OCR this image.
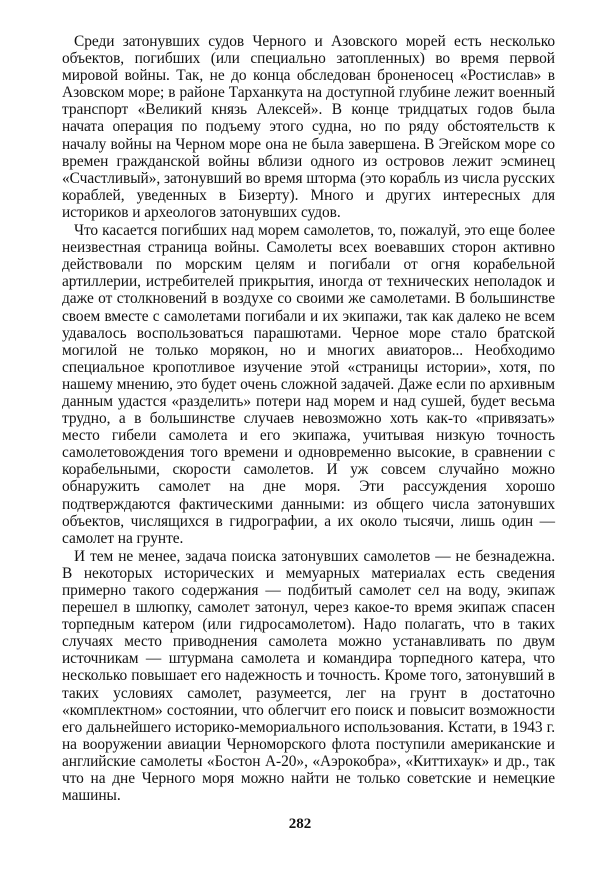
Среди затонувших судов Черного и Азовского морей есть несколько объектов, погибших (или специально затопленных) во время первой мировой войны. Так, не до конца обследован броненосец «Ростислав» в Азовском море; в районе Тарханкута на доступной глубине лежит военный транспорт «Великий князь Алексей». В конце тридцатых годов была начата операция по подъему этого судна, но по ряду обстоятельств к началу войны на Черном море она не была завершена. В Эгейском море со времен гражданской войны вблизи одного из островов лежит эсминец «Счастливый», затонувший во время шторма (это корабль из числа русских кораблей, уведенных в Бизерту). Много и других интересных для историков и археологов затонувших судов.

Что касается погибших над морем самолетов, то, пожалуй, это еще более неизвестная страница войны. Самолеты всех воевавших сторон активно действовали по морским целям и погибали от огня корабельной артиллерии, истребителей прикрытия, иногда от технических неполадок и даже от столкновений в воздухе со своими же самолетами. В большинстве своем вместе с самолетами погибали и их экипажи, так как далеко не всем удавалось воспользоваться парашютами. Черное море стало братской могилой не только морякон, но и многих авиаторов... Необходимо специальное кропотливое изучение этой «страницы истории», хотя, по нашему мнению, это будет очень сложной задачей. Даже если по архивным данным удастся «разделить» потери над морем и над сушей, будет весьма трудно, а в большинстве случаев невозможно хоть как-то «привязать» место гибели самолета и его экипажа, учитывая низкую точность самолетовождения того времени и одновременно высокие, в сравнении с корабельными, скорости самолетов. И уж совсем случайно можно обнаружить самолет на дне моря. Эти рассуждения хорошо подтверждаются фактическими данными: из общего числа затонувших объектов, числящихся в гидрографии, а их около тысячи, лишь один — самолет на грунте.

И тем не менее, задача поиска затонувших самолетов — не безнадежна. В некоторых исторических и мемуарных материалах есть сведения примерно такого содержания — подбитый самолет сел на воду, экипаж перешел в шлюпку, самолет затонул, через какое-то время экипаж спасен торпедным катером (или гидросамолетом). Надо полагать, что в таких случаях место приводнения самолета можно устанавливать по двум источникам — штурмана самолета и командира торпедного катера, что несколько повышает его надежность и точность. Кроме того, затонувший в таких условиях самолет, разумеется, лег на грунт в достаточно «комплектном» состоянии, что облегчит его поиск и повысит возможности его дальнейшего историко-мемориального использования. Кстати, в 1943 г. на вооружении авиации Черноморского флота поступили американские и английские самолеты «Бостон А-20», «Аэрокобра», «Киттихаук» и др., так что на дне Черного моря можно найти не только советские и немецкие машины.

282
